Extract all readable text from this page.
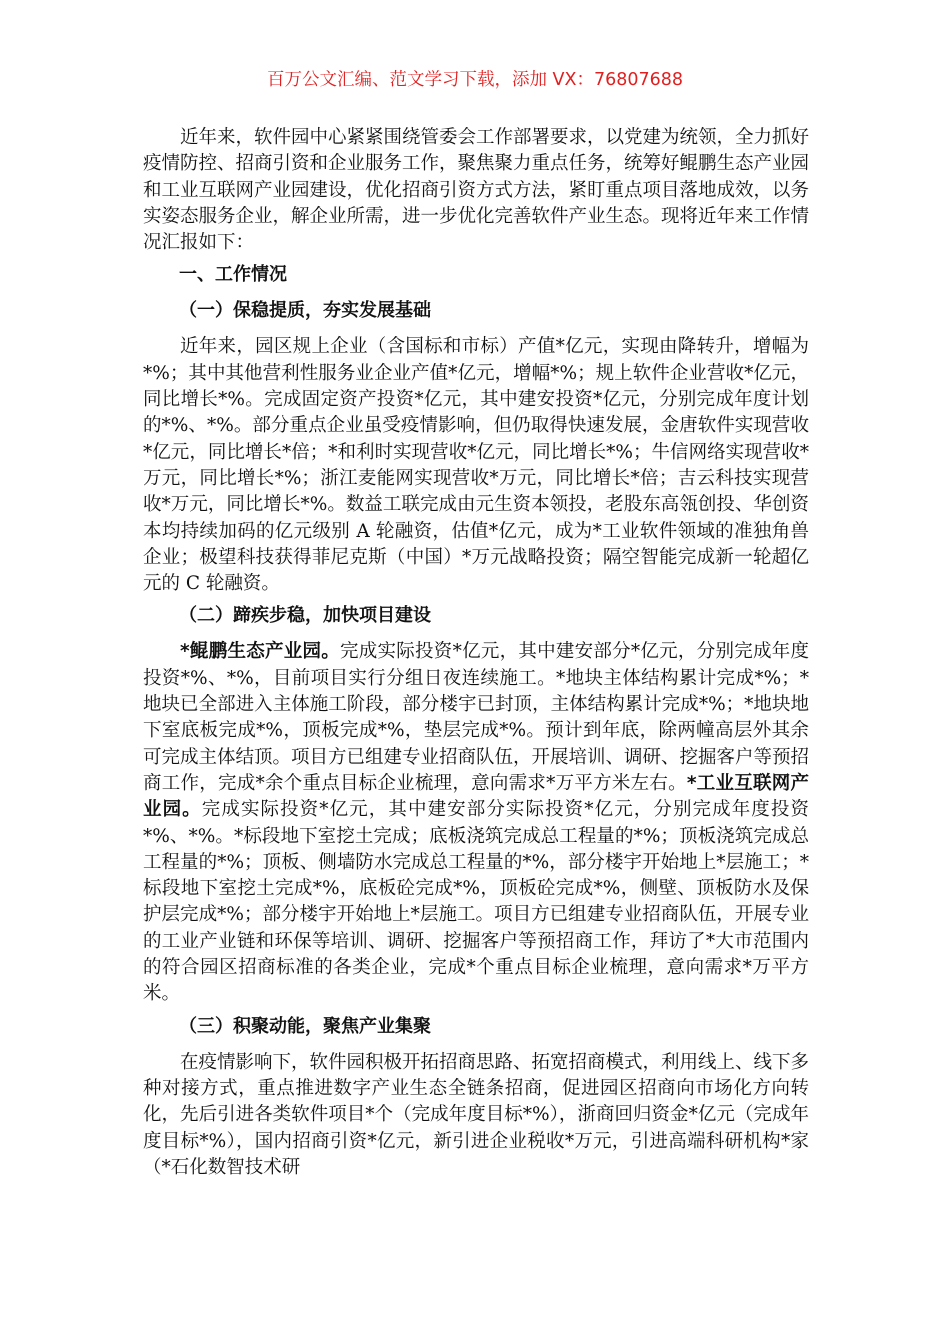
百万公文汇编、范文学习下载，添加 VX：76807688

近年来，软件园中心紧紧围绕管委会工作部署要求，以党建为统领，全力抓好疫情防控、招商引资和企业服务工作，聚焦聚力重点任务，统筹好鲲鹏生态产业园和工业互联网产业园建设，优化招商引资方式方法，紧盯重点项目落地成效，以务实姿态服务企业，解企业所需，进一步优化完善软件产业生态。现将近年来工作情况汇报如下：

一、工作情况

（一）保稳提质，夯实发展基础

近年来，园区规上企业（含国标和市标）产值*亿元，实现由降转升，增幅为*%；其中其他营利性服务业企业产值*亿元，增幅*%；规上软件企业营收*亿元，同比增长*%。完成固定资产投资*亿元，其中建安投资*亿元，分别完成年度计划的*%、*%。部分重点企业虽受疫情影响，但仍取得快速发展，金唐软件实现营收*亿元，同比增长*倍；*和利时实现营收*亿元，同比增长*%；牛信网络实现营收*万元，同比增长*%；浙江麦能网实现营收*万元，同比增长*倍；吉云科技实现营收*万元，同比增长*%。数益工联完成由元生资本领投，老股东高瓴创投、华创资本均持续加码的亿元级别 A 轮融资，估值*亿元，成为*工业软件领域的准独角兽企业；极望科技获得菲尼克斯（中国）*万元战略投资；隔空智能完成新一轮超亿元的 C 轮融资。

（二）蹄疾步稳，加快项目建设

*鲲鹏生态产业园。完成实际投资*亿元，其中建安部分*亿元，分别完成年度投资*%、*%，目前项目实行分组日夜连续施工。*地块主体结构累计完成*%；*地块已全部进入主体施工阶段，部分楼宇已封顶，主体结构累计完成*%；*地块地下室底板完成*%，顶板完成*%，垫层完成*%。预计到年底，除两幢高层外其余可完成主体结顶。项目方已组建专业招商队伍，开展培训、调研、挖掘客户等预招商工作，完成*余个重点目标企业梳理，意向需求*万平方米左右。*工业互联网产业园。完成实际投资*亿元，其中建安部分实际投资*亿元，分别完成年度投资*%、*%。*标段地下室挖土完成；底板浇筑完成总工程量的*%；顶板浇筑完成总工程量的*%；顶板、侧墙防水完成总工程量的*%，部分楼宇开始地上*层施工；*标段地下室挖土完成*%，底板砼完成*%，顶板砼完成*%，侧壁、顶板防水及保护层完成*%；部分楼宇开始地上*层施工。项目方已组建专业招商队伍，开展专业的工业产业链和环保等培训、调研、挖掘客户等预招商工作，拜访了*大市范围内的符合园区招商标准的各类企业，完成*个重点目标企业梳理，意向需求*万平方米。

（三）积聚动能，聚焦产业集聚

在疫情影响下，软件园积极开拓招商思路、拓宽招商模式，利用线上、线下多种对接方式，重点推进数字产业生态全链条招商，促进园区招商向市场化方向转化，先后引进各类软件项目*个（完成年度目标*%），浙商回归资金*亿元（完成年度目标*%），国内招商引资*亿元，新引进企业税收*万元，引进高端科研机构*家（*石化数智技术研
